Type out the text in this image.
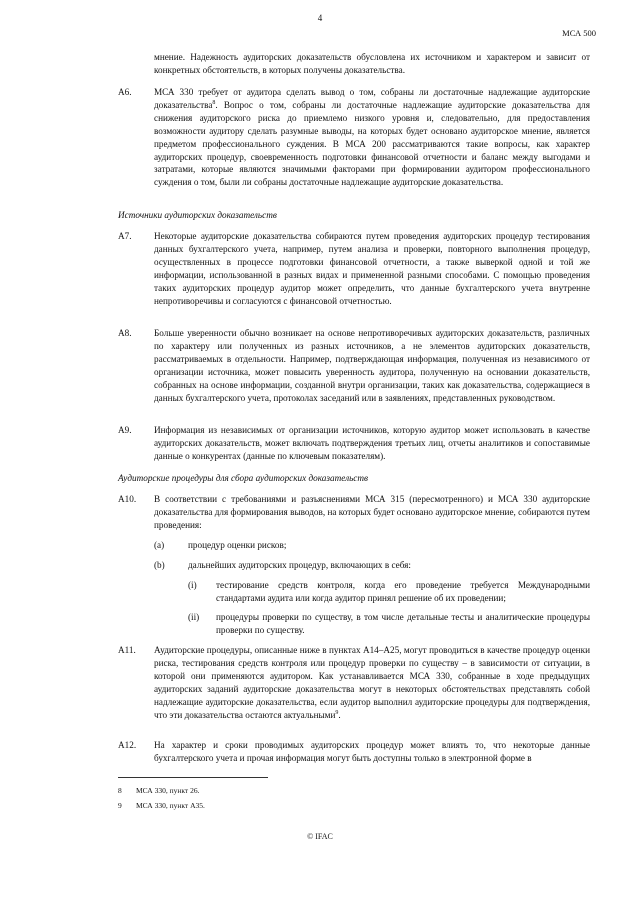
4
МСА 500
мнение. Надежность аудиторских доказательств обусловлена их источником и характером и зависит от конкретных обстоятельств, в которых получены доказательства.
A6. МСА 330 требует от аудитора сделать вывод о том, собраны ли достаточные надлежащие аудиторские доказательства$^8$. Вопрос о том, собраны ли достаточные надлежащие аудиторские доказательства для снижения аудиторского риска до приемлемо низкого уровня и, следовательно, для предоставления возможности аудитору сделать разумные выводы, на которых будет основано аудиторское мнение, является предметом профессионального суждения. В МСА 200 рассматриваются такие вопросы, как характер аудиторских процедур, своевременность подготовки финансовой отчетности и баланс между выгодами и затратами, которые являются значимыми факторами при формировании аудитором профессионального суждения о том, были ли собраны достаточные надлежащие аудиторские доказательства.
Источники аудиторских доказательств
A7. Некоторые аудиторские доказательства собираются путем проведения аудиторских процедур тестирования данных бухгалтерского учета, например, путем анализа и проверки, повторного выполнения процедур, осуществленных в процессе подготовки финансовой отчетности, а также выверкой одной и той же информации, использованной в разных видах и примененной разными способами. С помощью проведения таких аудиторских процедур аудитор может определить, что данные бухгалтерского учета внутренне непротиворечивы и согласуются с финансовой отчетностью.
A8. Больше уверенности обычно возникает на основе непротиворечивых аудиторских доказательств, различных по характеру или полученных из разных источников, а не элементов аудиторских доказательств, рассматриваемых в отдельности. Например, подтверждающая информация, полученная из независимого от организации источника, может повысить уверенность аудитора, полученную на основании доказательств, собранных на основе информации, созданной внутри организации, таких как доказательства, содержащиеся в данных бухгалтерского учета, протоколах заседаний или в заявлениях, представленных руководством.
A9. Информация из независимых от организации источников, которую аудитор может использовать в качестве аудиторских доказательств, может включать подтверждения третьих лиц, отчеты аналитиков и сопоставимые данные о конкурентах (данные по ключевым показателям).
Аудиторские процедуры для сбора аудиторских доказательств
A10. В соответствии с требованиями и разъяснениями МСА 315 (пересмотренного) и МСА 330 аудиторские доказательства для формирования выводов, на которых будет основано аудиторское мнение, собираются путем проведения:
(a)	процедур оценки рисков;
(b)	дальнейших аудиторских процедур, включающих в себя:
(i) тестирование средств контроля, когда его проведение требуется Международными стандартами аудита или когда аудитор принял решение об их проведении;
(ii) процедуры проверки по существу, в том числе детальные тесты и аналитические процедуры проверки по существу.
A11. Аудиторские процедуры, описанные ниже в пунктах A14–A25, могут проводиться в качестве процедур оценки риска, тестирования средств контроля или процедур проверки по существу – в зависимости от ситуации, в которой они применяются аудитором. Как устанавливается МСА 330, собранные в ходе предыдущих аудиторских заданий аудиторские доказательства могут в некоторых обстоятельствах представлять собой надлежащие аудиторские доказательства, если аудитор выполнил аудиторские процедуры для подтверждения, что эти доказательства остаются актуальными$^9$.
A12. На характер и сроки проводимых аудиторских процедур может влиять то, что некоторые данные бухгалтерского учета и прочая информация могут быть доступны только в электронной форме в
8 МСА 330, пункт 26.
9 МСА 330, пункт A35.
© IFAC
